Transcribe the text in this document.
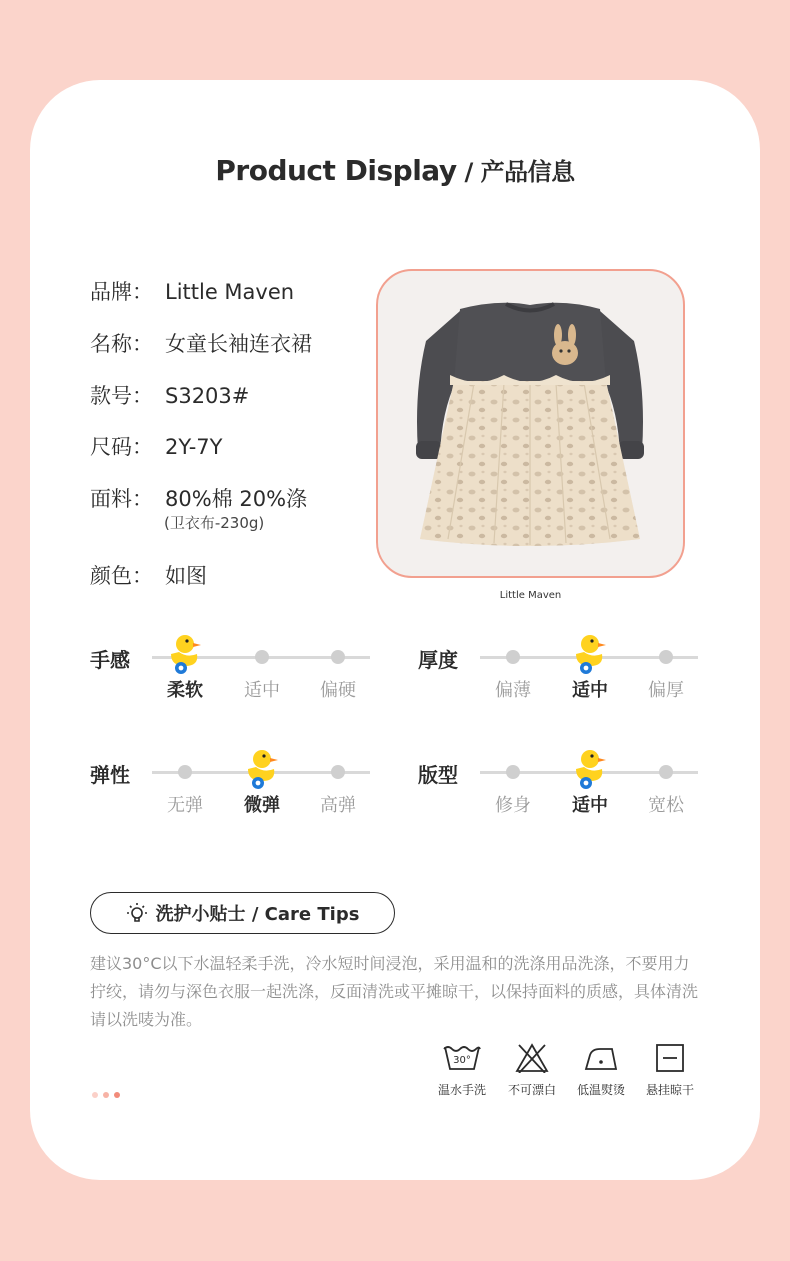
Product Display / 产品信息
品牌： Little Maven
名称： 女童长袖连衣裙
款号： S3203#
尺码： 2Y-7Y
面料： 80%棉 20%涤
(卫衣布-230g)
颜色： 如图
Little Maven
手感
柔软	适中	偏硬
厚度
偏薄	适中	偏厚
弹性
无弹	微弹	高弹
版型
修身	适中	宽松
洗护小贴士 / Care Tips
建议30°C以下水温轻柔手洗，冷水短时间浸泡，采用温和的洗涤用品洗涤，不要用力拧绞，请勿与深色衣服一起洗涤，反面清洗或平摊晾干，以保持面料的质感，具体清洗请以洗唛为准。
30°
温水手洗	不可漂白	低温熨烫	悬挂晾干
